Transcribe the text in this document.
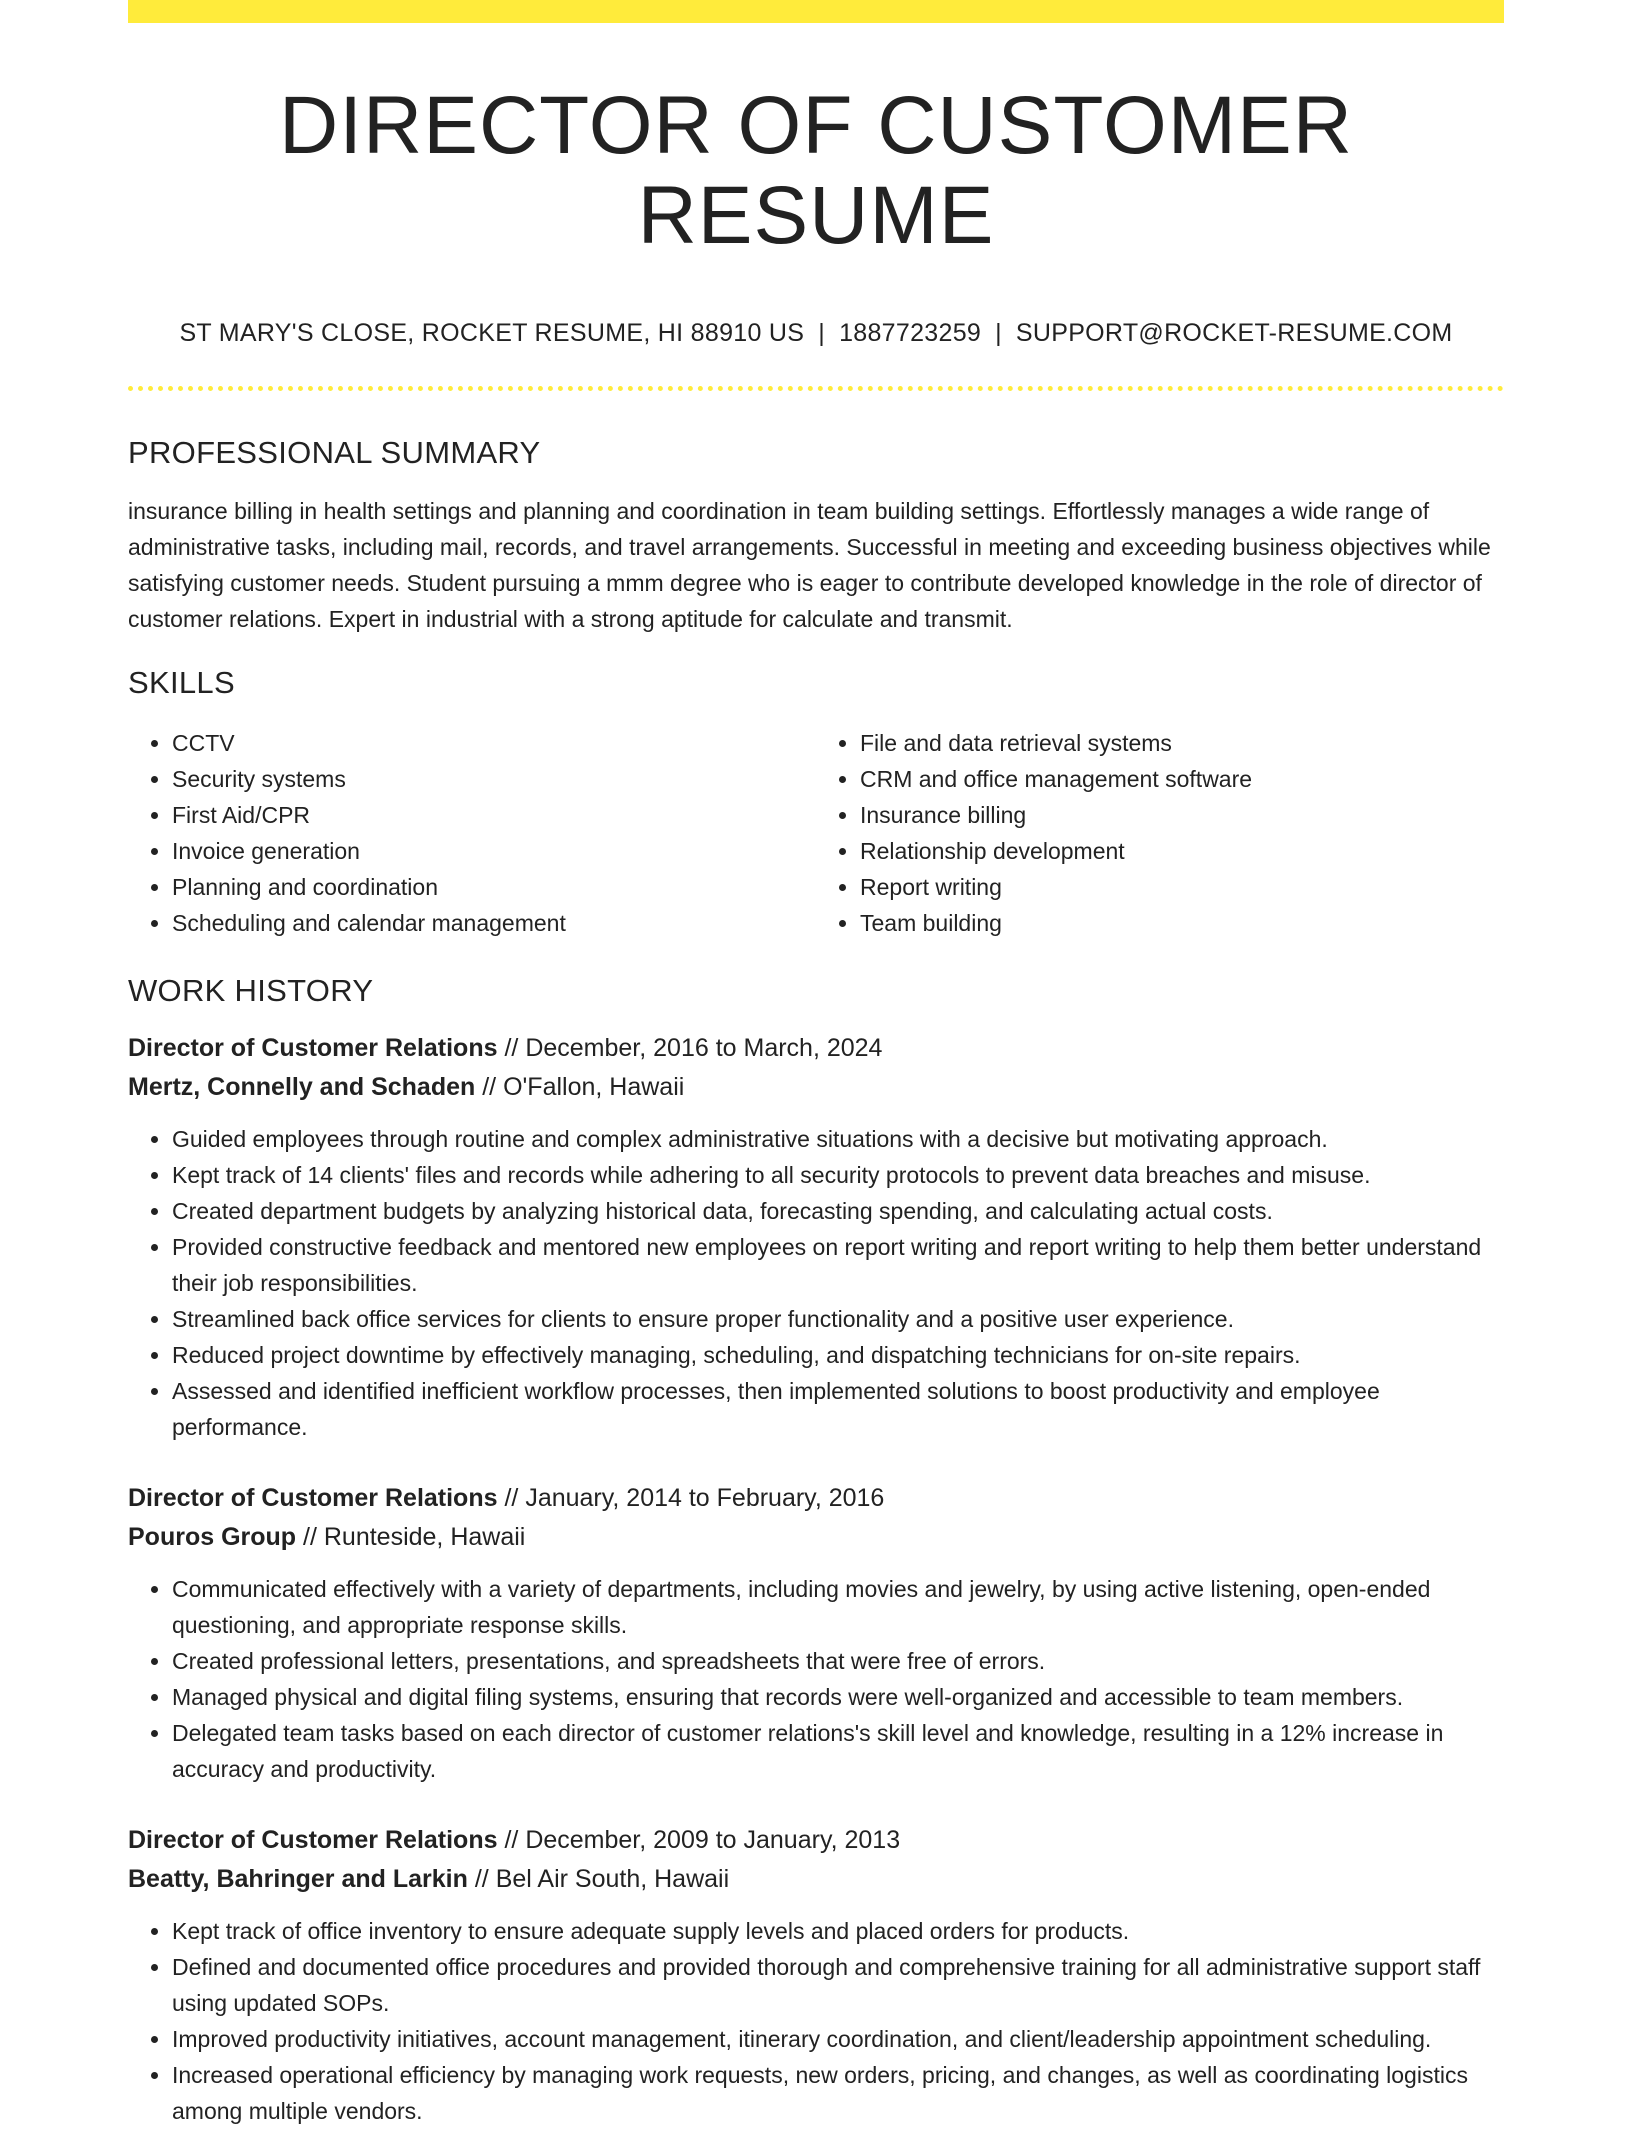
DIRECTOR OF CUSTOMER RESUME
ST MARY'S CLOSE, ROCKET RESUME, HI 88910 US | 1887723259 | SUPPORT@ROCKET-RESUME.COM
PROFESSIONAL SUMMARY
insurance billing in health settings and planning and coordination in team building settings. Effortlessly manages a wide range of administrative tasks, including mail, records, and travel arrangements. Successful in meeting and exceeding business objectives while satisfying customer needs. Student pursuing a mmm degree who is eager to contribute developed knowledge in the role of director of customer relations. Expert in industrial with a strong aptitude for calculate and transmit.
SKILLS
• CCTV
• Security systems
• First Aid/CPR
• Invoice generation
• Planning and coordination
• Scheduling and calendar management
• File and data retrieval systems
• CRM and office management software
• Insurance billing
• Relationship development
• Report writing
• Team building
WORK HISTORY
Director of Customer Relations // December, 2016 to March, 2024
Mertz, Connelly and Schaden // O'Fallon, Hawaii
• Guided employees through routine and complex administrative situations with a decisive but motivating approach.
• Kept track of 14 clients' files and records while adhering to all security protocols to prevent data breaches and misuse.
• Created department budgets by analyzing historical data, forecasting spending, and calculating actual costs.
• Provided constructive feedback and mentored new employees on report writing and report writing to help them better understand their job responsibilities.
• Streamlined back office services for clients to ensure proper functionality and a positive user experience.
• Reduced project downtime by effectively managing, scheduling, and dispatching technicians for on-site repairs.
• Assessed and identified inefficient workflow processes, then implemented solutions to boost productivity and employee performance.
Director of Customer Relations // January, 2014 to February, 2016
Pouros Group // Runteside, Hawaii
• Communicated effectively with a variety of departments, including movies and jewelry, by using active listening, open-ended questioning, and appropriate response skills.
• Created professional letters, presentations, and spreadsheets that were free of errors.
• Managed physical and digital filing systems, ensuring that records were well-organized and accessible to team members.
• Delegated team tasks based on each director of customer relations's skill level and knowledge, resulting in a 12% increase in accuracy and productivity.
Director of Customer Relations // December, 2009 to January, 2013
Beatty, Bahringer and Larkin // Bel Air South, Hawaii
• Kept track of office inventory to ensure adequate supply levels and placed orders for products.
• Defined and documented office procedures and provided thorough and comprehensive training for all administrative support staff using updated SOPs.
• Improved productivity initiatives, account management, itinerary coordination, and client/leadership appointment scheduling.
• Increased operational efficiency by managing work requests, new orders, pricing, and changes, as well as coordinating logistics among multiple vendors.
